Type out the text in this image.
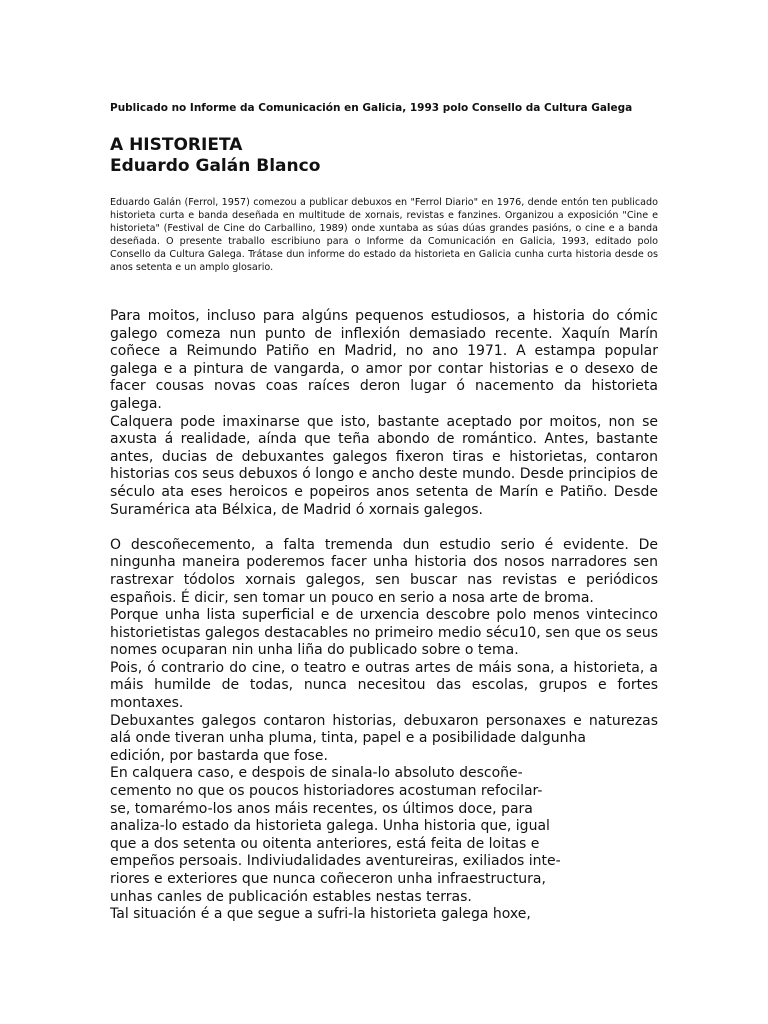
Publicado no Informe da Comunicación en Galicia, 1993 polo Consello da Cultura Galega

A HISTORIETA
Eduardo Galán Blanco

Eduardo Galán (Ferrol, 1957) comezou a publicar debuxos en "Ferrol Diario" en 1976, dende entón ten publicado historieta curta e banda deseñada en multitude de xornais, revistas e fanzines. Organizou a exposición "Cine e historieta" (Festival de Cine do Carballino, 1989) onde xuntaba as súas dúas grandes pasións, o cine e a banda deseñada. O presente traballo escribiuno para o Informe da Comunicación en Galicia, 1993, editado polo Consello da Cultura Galega. Trátase dun informe do estado da historieta en Galicia cunha curta historia desde os anos setenta e un amplo glosario.

Para moitos, incluso para algúns pequenos estudiosos, a historia do cómic galego comeza nun punto de inflexión demasiado recente. Xaquín Marín coñece a Reimundo Patiño en Madrid, no ano 1971. A estampa popular galega e a pintura de vangarda, o amor por contar historias e o desexo de facer cousas novas coas raíces deron lugar ó nacemento da historieta galega.

Calquera pode imaxinarse que isto, bastante aceptado por moitos, non se axusta á realidade, aínda que teña abondo de romántico. Antes, bastante antes, ducias de debuxantes galegos fixeron tiras e historietas, contaron historias cos seus debuxos ó longo e ancho deste mundo. Desde principios de século ata eses heroicos e popeiros anos setenta de Marín e Patiño. Desde Suramérica ata Bélxica, de Madrid ó xornais galegos.

O descoñecemento, a falta tremenda dun estudio serio é evidente. De ningunha maneira poderemos facer unha historia dos nosos narradores sen rastrexar tódolos xornais galegos, sen buscar nas revistas e periódicos españois. É dicir, sen tomar un pouco en serio a nosa arte de broma.

Porque unha lista superficial e de urxencia descobre polo menos vintecinco historietistas galegos destacables no primeiro medio sécu10, sen que os seus nomes ocuparan nin unha liña do publicado sobre o tema.

Pois, ó contrario do cine, o teatro e outras artes de máis sona, a historieta, a máis humilde de todas, nunca necesitou das escolas, grupos e fortes montaxes.

Debuxantes galegos contaron historias, debuxaron personaxes e naturezas alá onde tiveran unha pluma, tinta, papel e a posibilidade dalgunha

edición, por bastarda que fose.

En calquera caso, e despois de sinala-lo absoluto descoñe-

cemento no que os poucos historiadores acostuman refocilar-

se, tomarémo-los anos máis recentes, os últimos doce, para

analiza-lo estado da historieta galega. Unha historia que, igual

que a dos setenta ou oitenta anteriores, está feita de loitas e

empeños persoais. Indiviudalidades aventureiras, exiliados inte-

riores e exteriores que nunca coñeceron unha infraestructura,

unhas canles de publicación estables nestas terras.

Tal situación é a que segue a sufri-la historieta galega hoxe,
